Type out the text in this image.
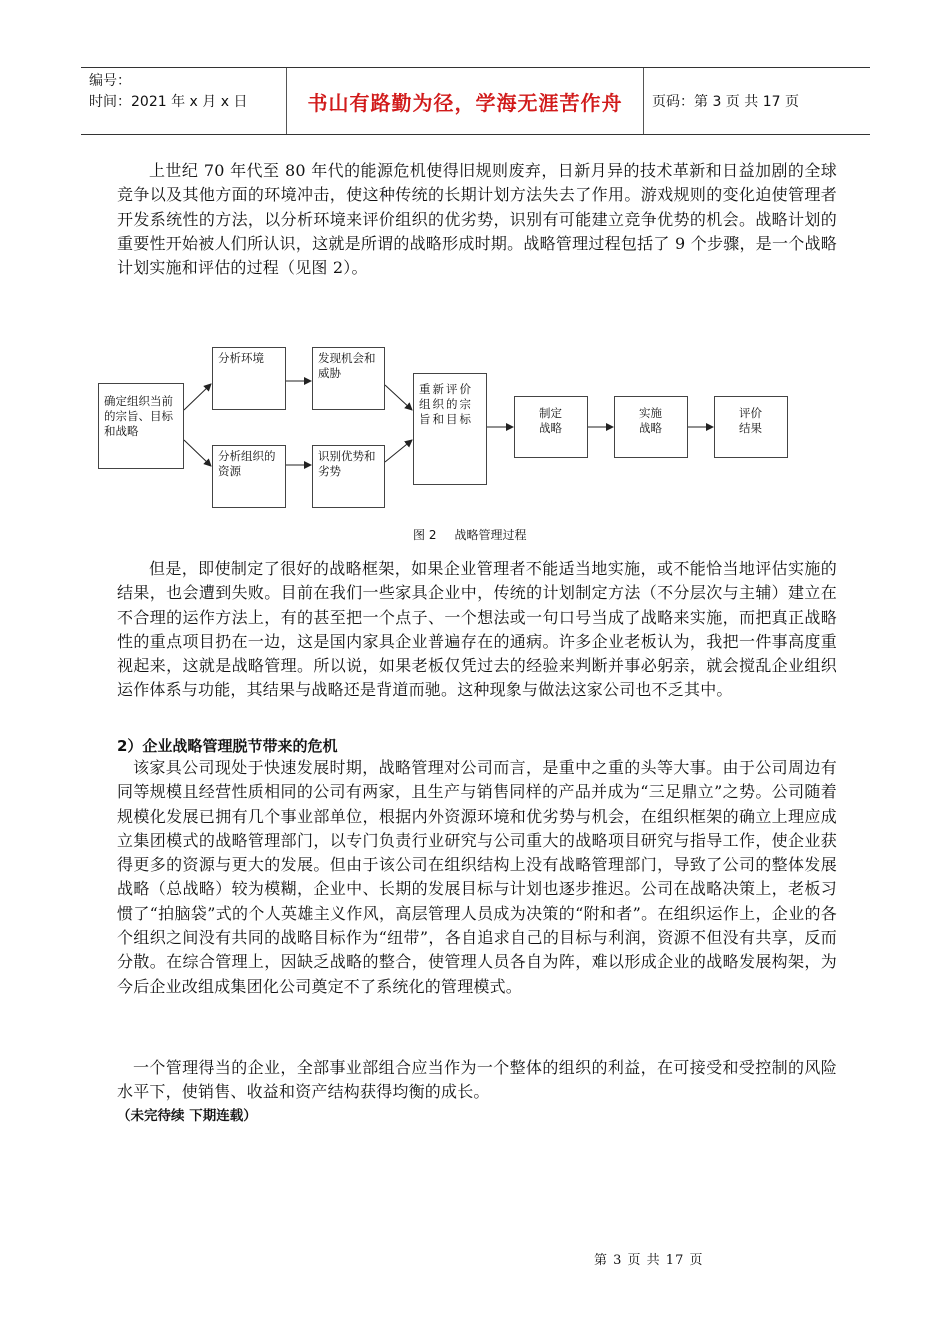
编号：
时间：2021 年 x 月 x 日	书山有路勤为径，学海无涯苦作舟	页码：第 3 页 共 17 页
上世纪 70 年代至 80 年代的能源危机使得旧规则废弃，日新月异的技术革新和日益加剧的全球竞争以及其他方面的环境冲击，使这种传统的长期计划方法失去了作用。游戏规则的变化迫使管理者开发系统性的方法，以分析环境来评价组织的优劣势，识别有可能建立竞争优势的机会。战略计划的重要性开始被人们所认识，这就是所谓的战略形成时期。战略管理过程包括了 9 个步骤，是一个战略计划实施和评估的过程（见图 2）。
确定组织当前的宗旨、目标和战略
分析环境	发现机会和威胁
分析组织的资源
识别优势和劣势
重新评价组织的宗旨和目标	制定战略
实施战略
评价结果
图 2 战略管理过程
但是，即使制定了很好的战略框架，如果企业管理者不能适当地实施，或不能恰当地评估实施的结果，也会遭到失败。目前在我们一些家具企业中，传统的计划制定方法（不分层次与主辅）建立在不合理的运作方法上，有的甚至把一个点子、一个想法或一句口号当成了战略来实施，而把真正战略性的重点项目扔在一边，这是国内家具企业普遍存在的通病。许多企业老板认为，我把一件事高度重视起来，这就是战略管理。所以说，如果老板仅凭过去的经验来判断并事必躬亲，就会搅乱企业组织运作体系与功能，其结果与战略还是背道而驰。这种现象与做法这家公司也不乏其中。
2）企业战略管理脱节带来的危机
该家具公司现处于快速发展时期，战略管理对公司而言，是重中之重的头等大事。由于公司周边有同等规模且经营性质相同的公司有两家，且生产与销售同样的产品并成为“三足鼎立”之势。公司随着规模化发展已拥有几个事业部单位，根据内外资源环境和优劣势与机会，在组织框架的确立上理应成立集团模式的战略管理部门，以专门负责行业研究与公司重大的战略项目研究与指导工作，使企业获得更多的资源与更大的发展。但由于该公司在组织结构上没有战略管理部门，导致了公司的整体发展战略（总战略）较为模糊，企业中、长期的发展目标与计划也逐步推迟。公司在战略决策上，老板习惯了“拍脑袋”式的个人英雄主义作风，高层管理人员成为决策的“附和者”。在组织运作上，企业的各个组织之间没有共同的战略目标作为“纽带”，各自追求自己的目标与利润，资源不但没有共享，反而分散。在综合管理上，因缺乏战略的整合，使管理人员各自为阵，难以形成企业的战略发展构架，为今后企业改组成集团化公司奠定不了系统化的管理模式。
一个管理得当的企业，全部事业部组合应当作为一个整体的组织的利益，在可接受和受控制的风险水平下，使销售、收益和资产结构获得均衡的成长。
（未完待续 下期连载）
第 3 页 共 17 页
